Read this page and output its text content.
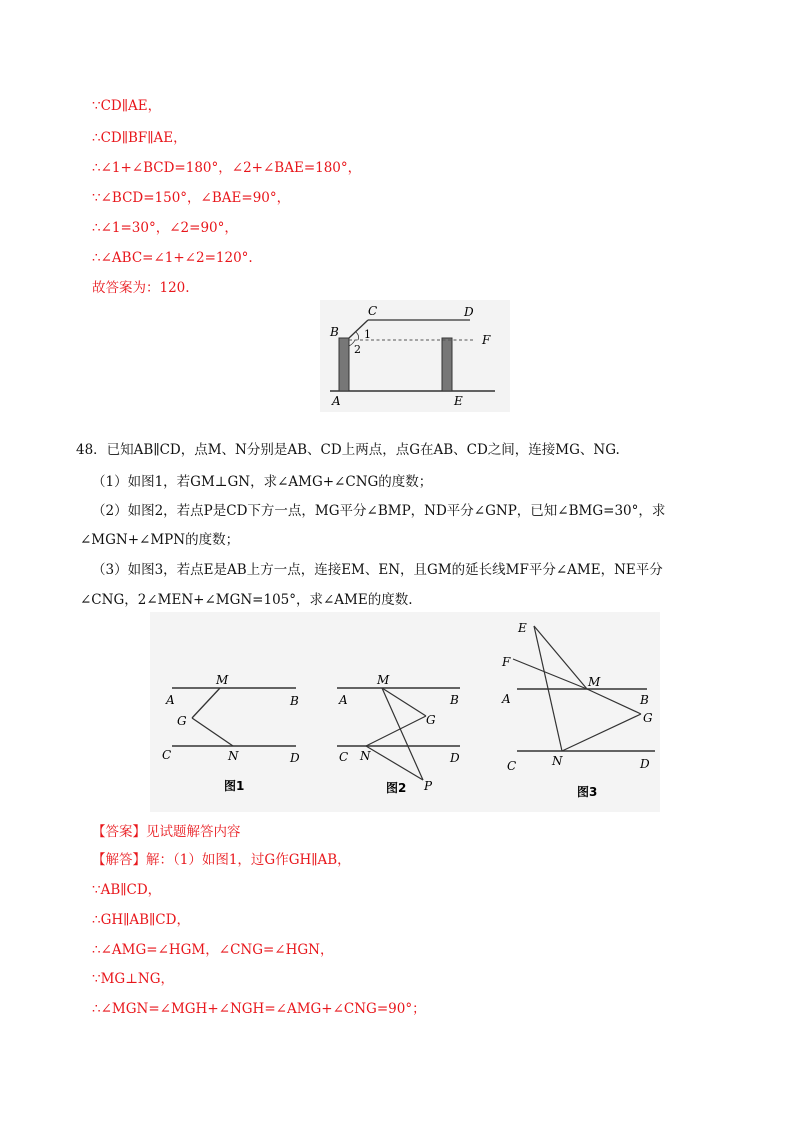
∵CD∥AE，
∴CD∥BF∥AE，
∴∠1+∠BCD=180°，∠2+∠BAE=180°，
∵∠BCD=150°，∠BAE=90°，
∴∠1=30°，∠2=90°，
∴∠ABC=∠1+∠2=120°.
故答案为：120.
B
C	D
F
A	E
1
2
48．已知AB∥CD，点M、N分别是AB、CD上两点，点G在AB、CD之间，连接MG、NG.
（1）如图1，若GM⊥GN，求∠AMG+∠CNG的度数；
（2）如图2，若点P是CD下方一点，MG平分∠BMP，ND平分∠GNP，已知∠BMG=30°，求
∠MGN+∠MPN的度数；
（3）如图3，若点E是AB上方一点，连接EM、EN，且GM的延长线MF平分∠AME，NE平分
∠CNG，2∠MEN+∠MGN=105°，求∠AME的度数.
A	B
M
G
C	N	D
图1
A	B
M
G
C N	D
P
图2
E
F
M
A	B
G
C	N	D
图3
【答案】见试题解答内容
【解答】解：（1）如图1，过G作GH∥AB，
∵AB∥CD，
∴GH∥AB∥CD，
∴∠AMG=∠HGM，∠CNG=∠HGN，
∵MG⊥NG，
∴∠MGN=∠MGH+∠NGH=∠AMG+∠CNG=90°；
